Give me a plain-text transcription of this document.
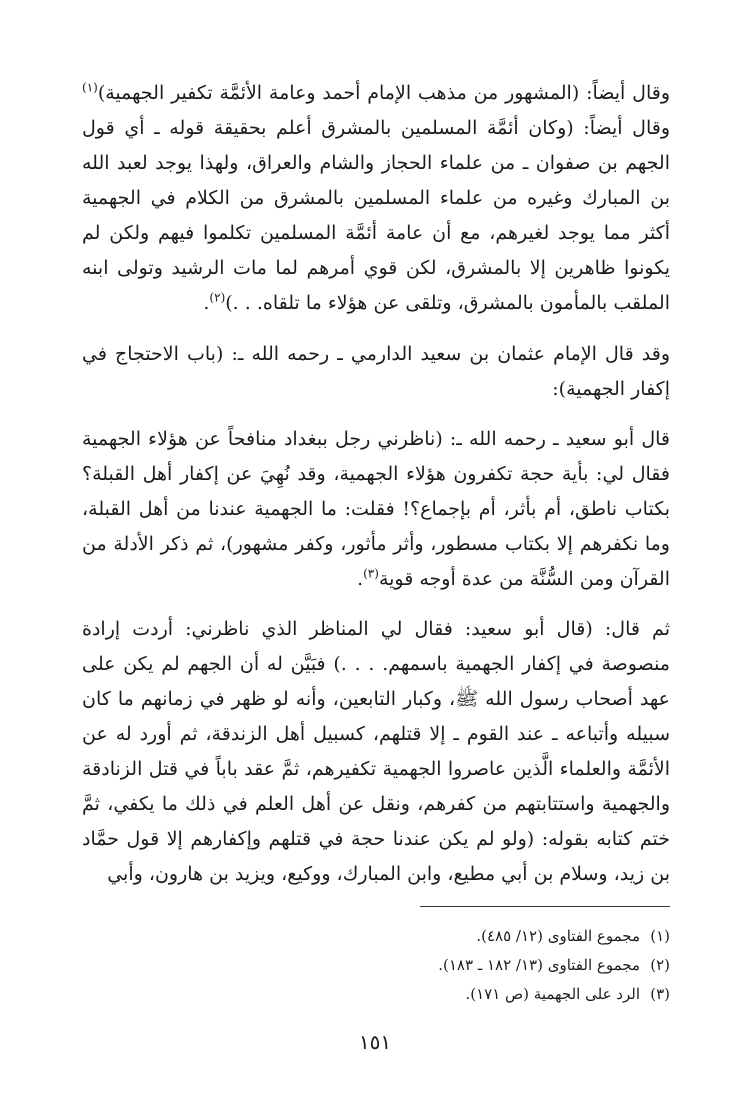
وقال أيضاً: (المشهور من مذهب الإمام أحمد وعامة الأئمَّة تكفير الجهمية)$^{(١)}$ وقال أيضاً: (وكان أئمَّة المسلمين بالمشرق أعلم بحقيقة قوله ـ أي قول الجهم بن صفوان ـ من علماء الحجاز والشام والعراق، ولهذا يوجد لعبد الله بن المبارك وغيره من علماء المسلمين بالمشرق من الكلام في الجهمية أكثر مما يوجد لغيرهم، مع أن عامة أئمَّة المسلمين تكلموا فيهم ولكن لم يكونوا ظاهرين إلا بالمشرق، لكن قوي أمرهم لما مات الرشيد وتولى ابنه الملقب بالمأمون بالمشرق، وتلقى عن هؤلاء ما تلقاه. . .)$^{(٢)}$.

وقد قال الإمام عثمان بن سعيد الدارمي ـ رحمه الله ـ: (باب الاحتجاج في إكفار الجهمية):

قال أبو سعيد ـ رحمه الله ـ: (ناظرني رجل ببغداد منافحاً عن هؤلاء الجهمية فقال لي: بأية حجة تكفرون هؤلاء الجهمية، وقد نُهِيَ عن إكفار أهل القبلة؟ بكتاب ناطق، أم بأثر، أم بإجماع؟! فقلت: ما الجهمية عندنا من أهل القبلة، وما نكفرهم إلا بكتاب مسطور، وأثر مأثور، وكفر مشهور)، ثم ذكر الأدلة من القرآن ومن السُّنَّة من عدة أوجه قوية$^{(٣)}$.

ثم قال: (قال أبو سعيد: فقال لي المناظر الذي ناظرني: أردت إرادة منصوصة في إكفار الجهمية باسمهم. . . .) فبَيَّن له أن الجهم لم يكن على عهد أصحاب رسول الله ﷺ، وكبار التابعين، وأنه لو ظهر في زمانهم ما كان سبيله وأتباعه ـ عند القوم ـ إلا قتلهم، كسبيل أهل الزندقة، ثم أورد له عن الأئمَّة والعلماء الَّذين عاصروا الجهمية تكفيرهم، ثمَّ عقد باباً في قتل الزنادقة والجهمية واستتابتهم من كفرهم، ونقل عن أهل العلم في ذلك ما يكفي، ثمَّ ختم كتابه بقوله: (ولو لم يكن عندنا حجة في قتلهم وإكفارهم إلا قول حمَّاد بن زيد، وسلام بن أبي مطيع، وابن المبارك، ووكيع، ويزيد بن هارون، وأبي

(١)
مجموع الفتاوى (١٢/ ٤٨٥).
(٢)
مجموع الفتاوى (١٣/ ١٨٢ ـ ١٨٣).
(٣)
الرد على الجهمية (ص ١٧١).
١٥١
